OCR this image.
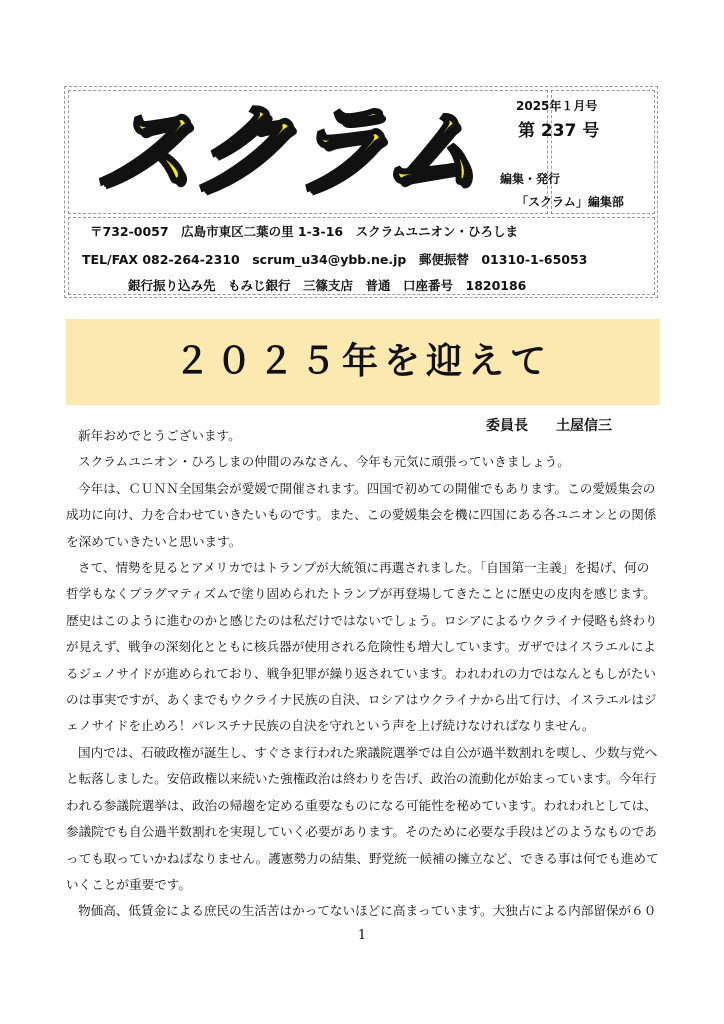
スクラム	2025年１月号
第 237 号
編集・発行
「スクラム」編集部
〒732-0057　広島市東区二葉の里 1-3-16　スクラムユニオン・ひろしま
TEL/FAX 082-264-2310　scrum_u34@ybb.ne.jp　郵便振替　01310-1-65053
銀行振り込み先　もみじ銀行　三篠支店　普通　口座番号　1820186
２０２５年を迎えて
委員長　　土屋信三
新年おめでとうございます。
スクラムユニオン・ひろしまの仲間のみなさん、今年も元気に頑張っていきましょう。
今年は、ＣＵＮＮ全国集会が愛媛で開催されます。四国で初めての開催でもあります。この愛媛集会の
成功に向け、力を合わせていきたいものです。また、この愛媛集会を機に四国にある各ユニオンとの関係
を深めていきたいと思います。
さて、情勢を見るとアメリカではトランプが大統領に再選されました。「自国第一主義」を掲げ、何の
哲学もなくプラグマティズムで塗り固められたトランプが再登場してきたことに歴史の皮肉を感じます。
歴史はこのように進むのかと感じたのは私だけではないでしょう。ロシアによるウクライナ侵略も終わり
が見えず、戦争の深刻化とともに核兵器が使用される危険性も増大しています。ガザではイスラエルによ
るジェノサイドが進められており、戦争犯罪が繰り返されています。われわれの力ではなんともしがたい
のは事実ですが、あくまでもウクライナ民族の自決、ロシアはウクライナから出て行け、イスラエルはジ
ェノサイドを止めろ！パレスチナ民族の自決を守れという声を上げ続けなければなりません。
国内では、石破政権が誕生し、すぐさま行われた衆議院選挙では自公が過半数割れを喫し、少数与党へ
と転落しました。安倍政権以来続いた強権政治は終わりを告げ、政治の流動化が始まっています。今年行
われる参議院選挙は、政治の帰趨を定める重要なものになる可能性を秘めています。われわれとしては、
参議院でも自公過半数割れを実現していく必要があります。そのために必要な手段はどのようなものであ
っても取っていかねばなりません。護憲勢力の結集、野党統一候補の擁立など、できる事は何でも進めて
いくことが重要です。
物価高、低賃金による庶民の生活苦はかってないほどに高まっています。大独占による内部留保が６０
1
